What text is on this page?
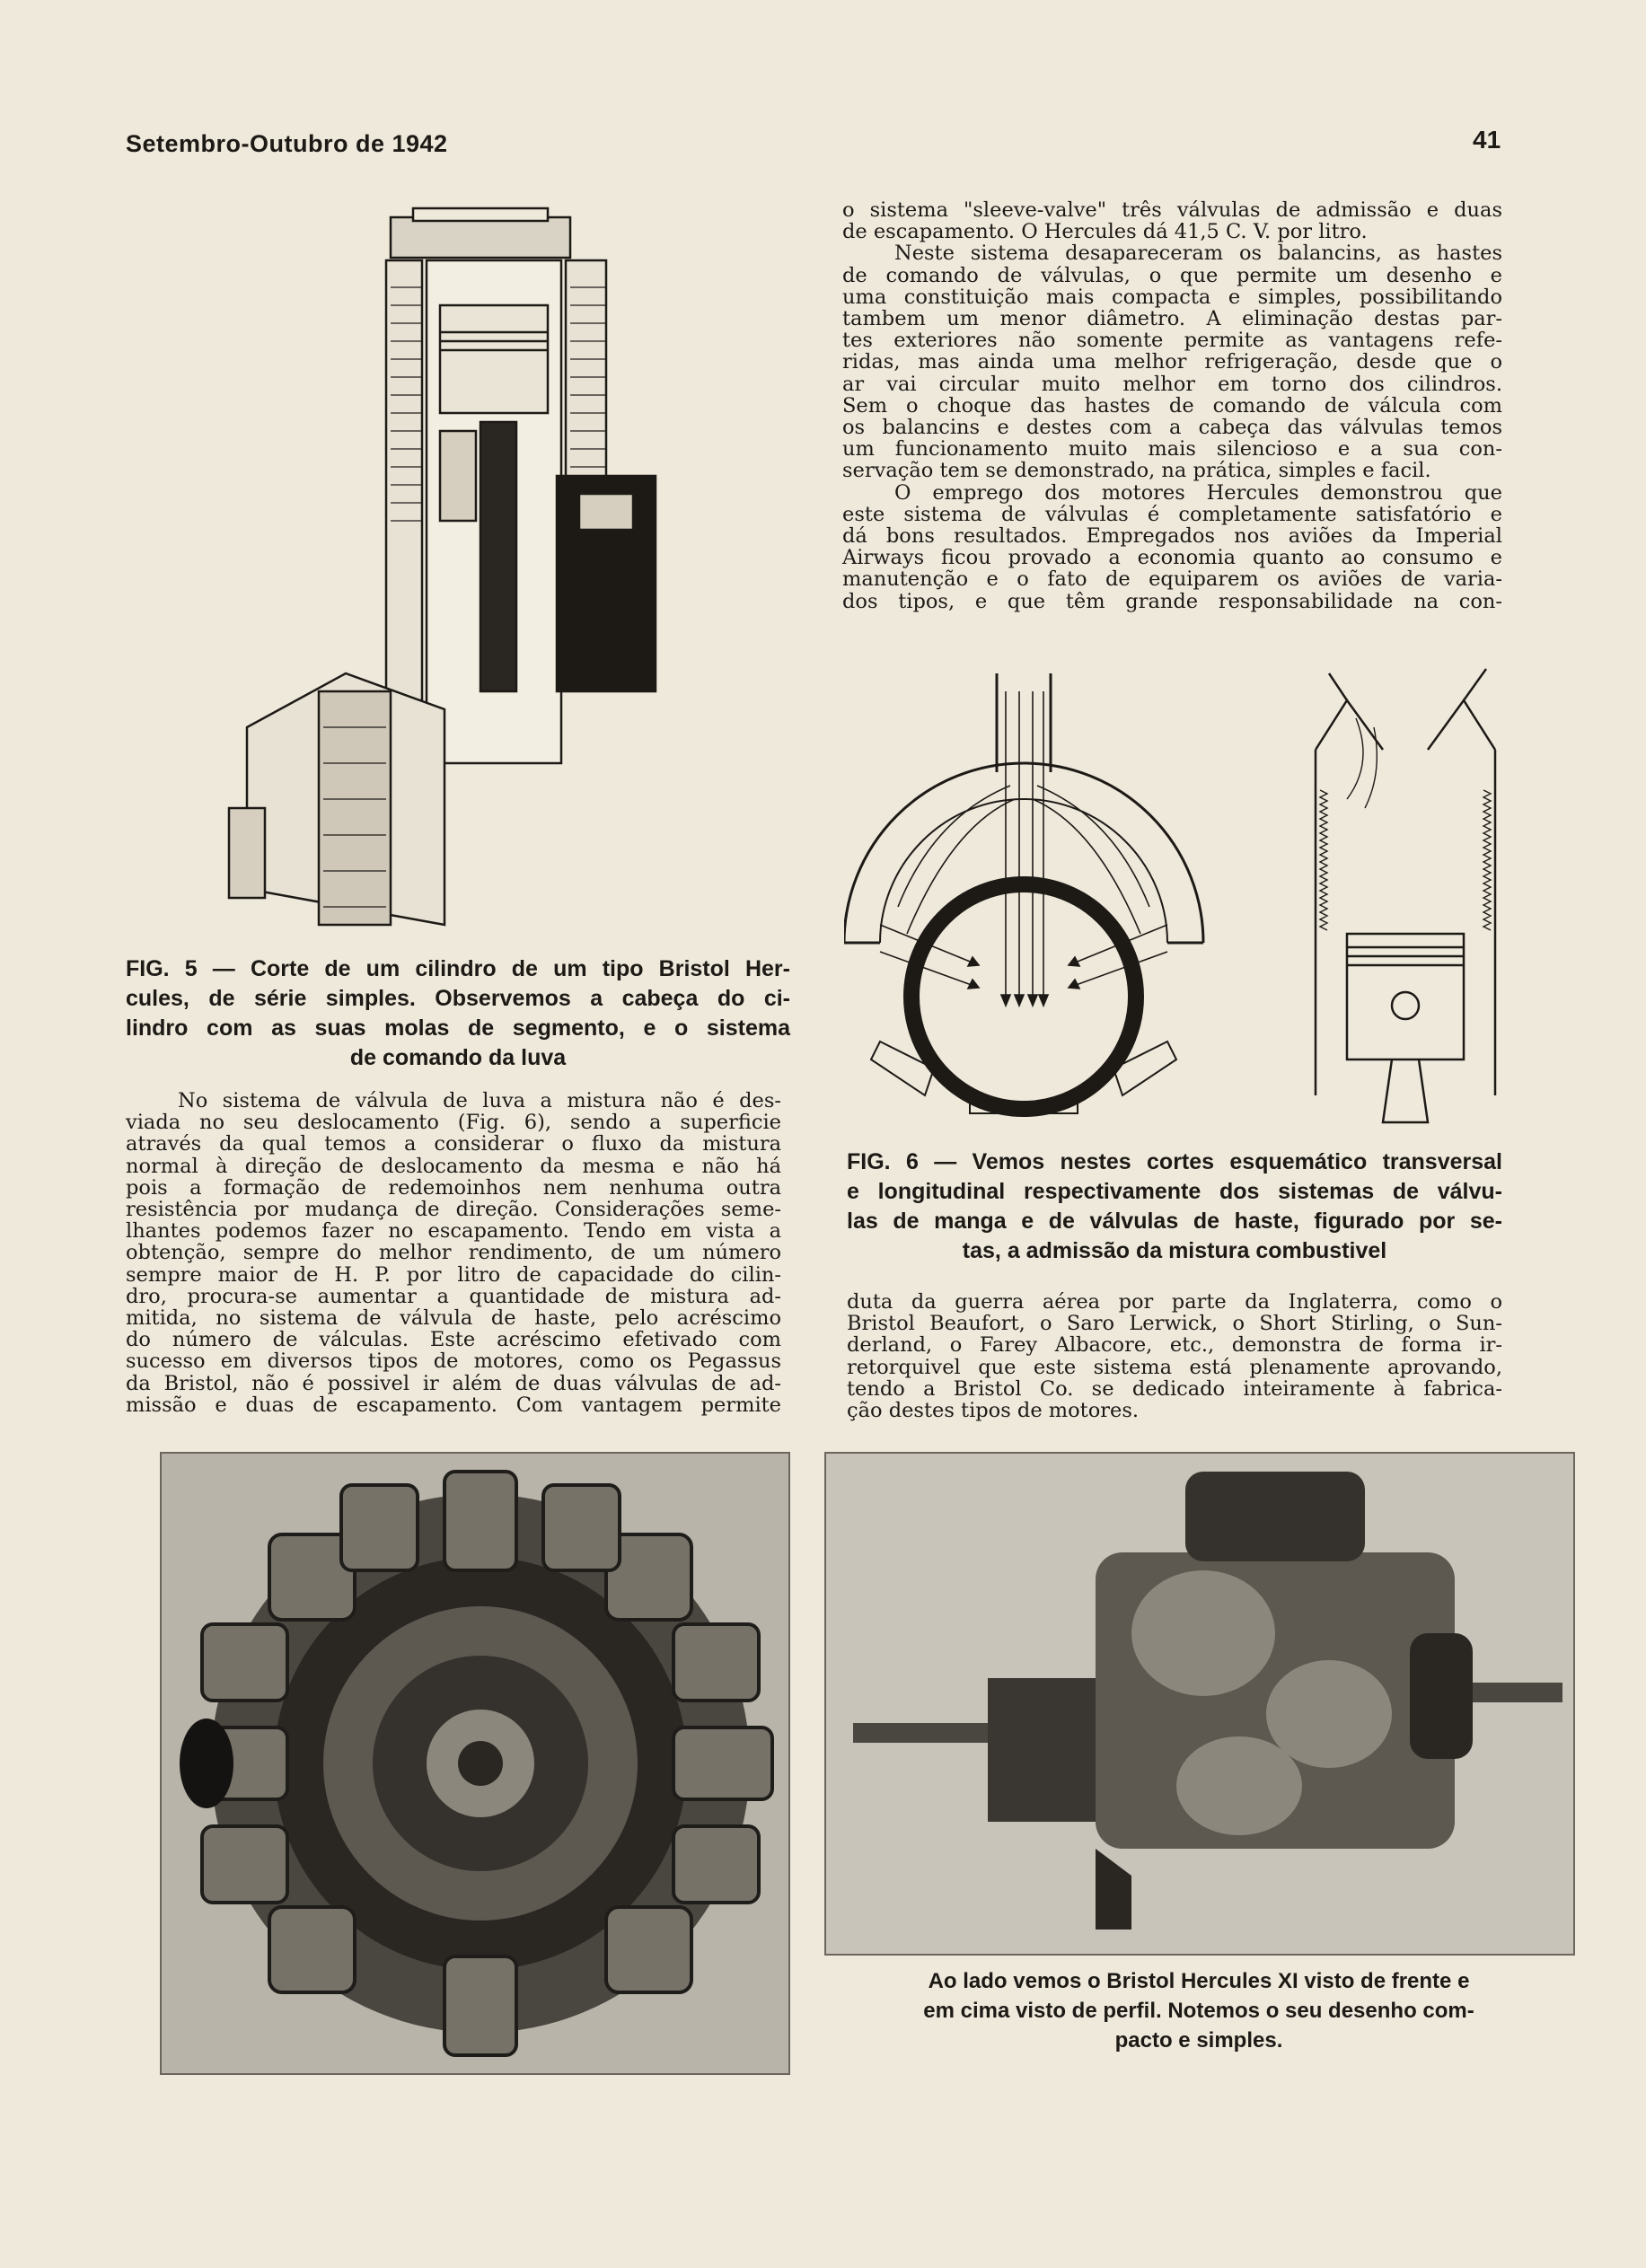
Setembro-Outubro de 1942	41
FIG. 5 — Corte de um cilindro de um tipo Bristol Her-
cules, de série simples. Observemos a cabeça do ci-
lindro com as suas molas de segmento, e o sistema
de comando da luva
No sistema de válvula de luva a mistura não é des-
viada no seu deslocamento (Fig. 6), sendo a superficie
através da qual temos a considerar o fluxo da mistura
normal à direção de deslocamento da mesma e não há
pois a formação de redemoinhos nem nenhuma outra
resistência por mudança de direção. Considerações seme-
lhantes podemos fazer no escapamento. Tendo em vista a
obtenção, sempre do melhor rendimento, de um número
sempre maior de H. P. por litro de capacidade do cilin-
dro, procura-se aumentar a quantidade de mistura ad-
mitida, no sistema de válvula de haste, pelo acréscimo
do número de válculas. Este acréscimo efetivado com
sucesso em diversos tipos de motores, como os Pegassus
da Bristol, não é possivel ir além de duas válvulas de ad-
missão e duas de escapamento. Com vantagem permite
o sistema "sleeve-valve" três válvulas de admissão e duas
de escapamento. O Hercules dá 41,5 C. V. por litro.
Neste sistema desapareceram os balancins, as hastes
de comando de válvulas, o que permite um desenho e
uma constituição mais compacta e simples, possibilitando
tambem um menor diâmetro. A eliminação destas par-
tes exteriores não somente permite as vantagens refe-
ridas, mas ainda uma melhor refrigeração, desde que o
ar vai circular muito melhor em torno dos cilindros.
Sem o choque das hastes de comando de válcula com
os balancins e destes com a cabeça das válvulas temos
um funcionamento muito mais silencioso e a sua con-
servação tem se demonstrado, na prática, simples e facil.
O emprego dos motores Hercules demonstrou que
este sistema de válvulas é completamente satisfatório e
dá bons resultados. Empregados nos aviões da Imperial
Airways ficou provado a economia quanto ao consumo e
manutenção e o fato de equiparem os aviões de varia-
dos tipos, e que têm grande responsabilidade na con-
FIG. 6 — Vemos nestes cortes esquemático transversal
e longitudinal respectivamente dos sistemas de válvu-
las de manga e de válvulas de haste, figurado por se-
tas, a admissão da mistura combustivel
duta da guerra aérea por parte da Inglaterra, como o
Bristol Beaufort, o Saro Lerwick, o Short Stirling, o Sun-
derland, o Farey Albacore, etc., demonstra de forma ir-
retorquivel que este sistema está plenamente aprovando,
tendo a Bristol Co. se dedicado inteiramente à fabrica-
ção destes tipos de motores.
Ao lado vemos o Bristol Hercules XI visto de frente e
em cima visto de perfil. Notemos o seu desenho com-
pacto e simples.
